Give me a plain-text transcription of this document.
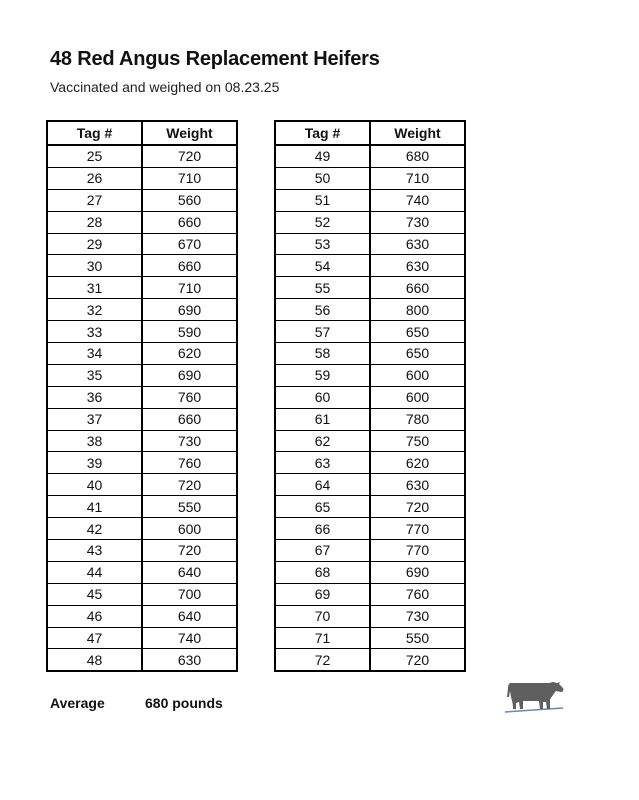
48 Red Angus Replacement Heifers
Vaccinated and weighed on 08.23.25
Tag #	Weight
25	720
26	710
27	560
28	660
29	670
30	660
31	710
32	690
33	590
34	620
35	690
36	760
37	660
38	730
39	760
40	720
41	550
42	600
43	720
44	640
45	700
46	640
47	740
48	630
Tag #	Weight
49	680
50	710
51	740
52	730
53	630
54	630
55	660
56	800
57	650
58	650
59	600
60	600
61	780
62	750
63	620
64	630
65	720
66	770
67	770
68	690
69	760
70	730
71	550
72	720
Average	680 pounds
